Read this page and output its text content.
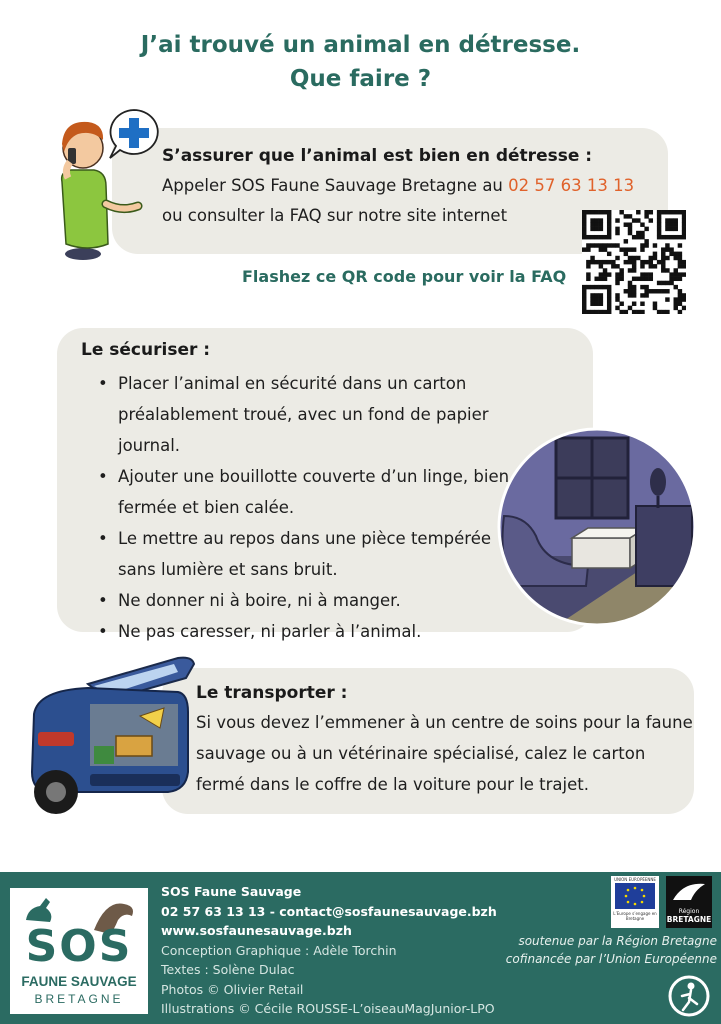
J’ai trouvé un animal en détresse.
Que faire ?
S’assurer que l’animal est bien en détresse :
Appeler SOS Faune Sauvage Bretagne au 02 57 63 13 13
ou consulter la FAQ sur notre site internet
Flashez ce QR code pour voir la FAQ
Le sécuriser :
• Placer l’animal en sécurité dans un carton
préalablement troué, avec un fond de papier journal.
• Ajouter une bouillotte couverte d’un linge, bien
fermée et bien calée.
• Le mettre au repos dans une pièce tempérée
sans lumière et sans bruit.
• Ne donner ni à boire, ni à manger.
• Ne pas caresser, ni parler à l’animal.
Le transporter :
Si vous devez l’emmener à un centre de soins pour la faune
sauvage ou à un vétérinaire spécialisé, calez le carton
fermé dans le coffre de la voiture pour le trajet.
SOS
FAUNE SAUVAGE
BRETAGNE
SOS Faune Sauvage
02 57 63 13 13 - contact@sosfaunesauvage.bzh
www.sosfaunesauvage.bzh
Conception Graphique : Adèle Torchin
Textes : Solène Dulac
Photos © Olivier Retail
Illustrations © Cécile ROUSSE-L’oiseauMagJunior-LPO
UNION EUROPÉENNE
L’Europe s’engage en Bretagne
Région
BRETAGNE
soutenue par la Région Bretagne
cofinancée par l’Union Européenne
